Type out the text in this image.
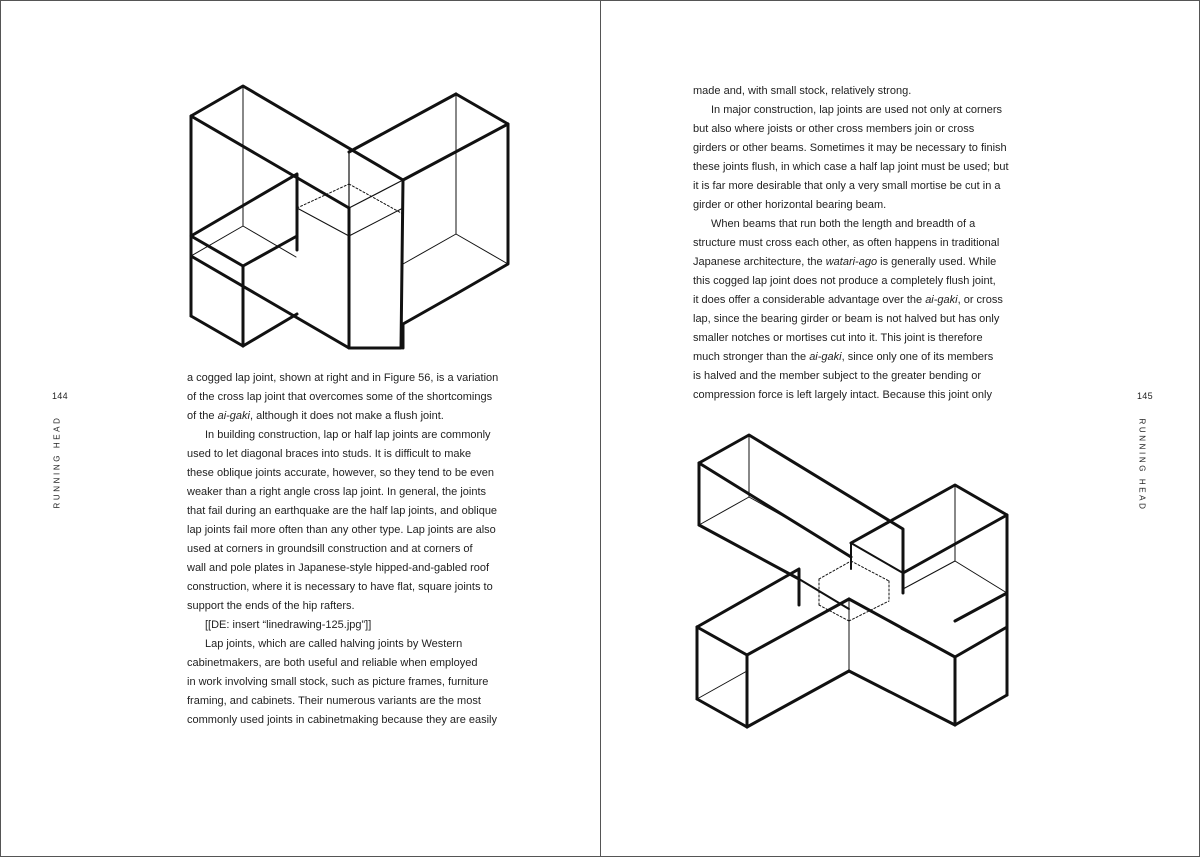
144
RUNNING HEAD
a cogged lap joint, shown at right and in Figure 56, is a variation
of the cross lap joint that overcomes some of the shortcomings
of the ai-gaki, although it does not make a flush joint.
In building construction, lap or half lap joints are commonly
used to let diagonal braces into studs. It is difficult to make
these oblique joints accurate, however, so they tend to be even
weaker than a right angle cross lap joint. In general, the joints
that fail during an earthquake are the half lap joints, and oblique
lap joints fail more often than any other type. Lap joints are also
used at corners in groundsill construction and at corners of
wall and pole plates in Japanese-style hipped-and-gabled roof
construction, where it is necessary to have flat, square joints to
support the ends of the hip rafters.
[[DE: insert “linedrawing-125.jpg”]]
Lap joints, which are called halving joints by Western
cabinetmakers, are both useful and reliable when employed
in work involving small stock, such as picture frames, furniture
framing, and cabinets. Their numerous variants are the most
commonly used joints in cabinetmaking because they are easily
145
RUNNING HEAD
made and, with small stock, relatively strong.
In major construction, lap joints are used not only at corners
but also where joists or other cross members join or cross
girders or other beams. Sometimes it may be necessary to finish
these joints flush, in which case a half lap joint must be used; but
it is far more desirable that only a very small mortise be cut in a
girder or other horizontal bearing beam.
When beams that run both the length and breadth of a
structure must cross each other, as often happens in traditional
Japanese architecture, the watari-ago is generally used. While
this cogged lap joint does not produce a completely flush joint,
it does offer a considerable advantage over the ai-gaki, or cross
lap, since the bearing girder or beam is not halved but has only
smaller notches or mortises cut into it. This joint is therefore
much stronger than the ai-gaki, since only one of its members
is halved and the member subject to the greater bending or
compression force is left largely intact. Because this joint only
